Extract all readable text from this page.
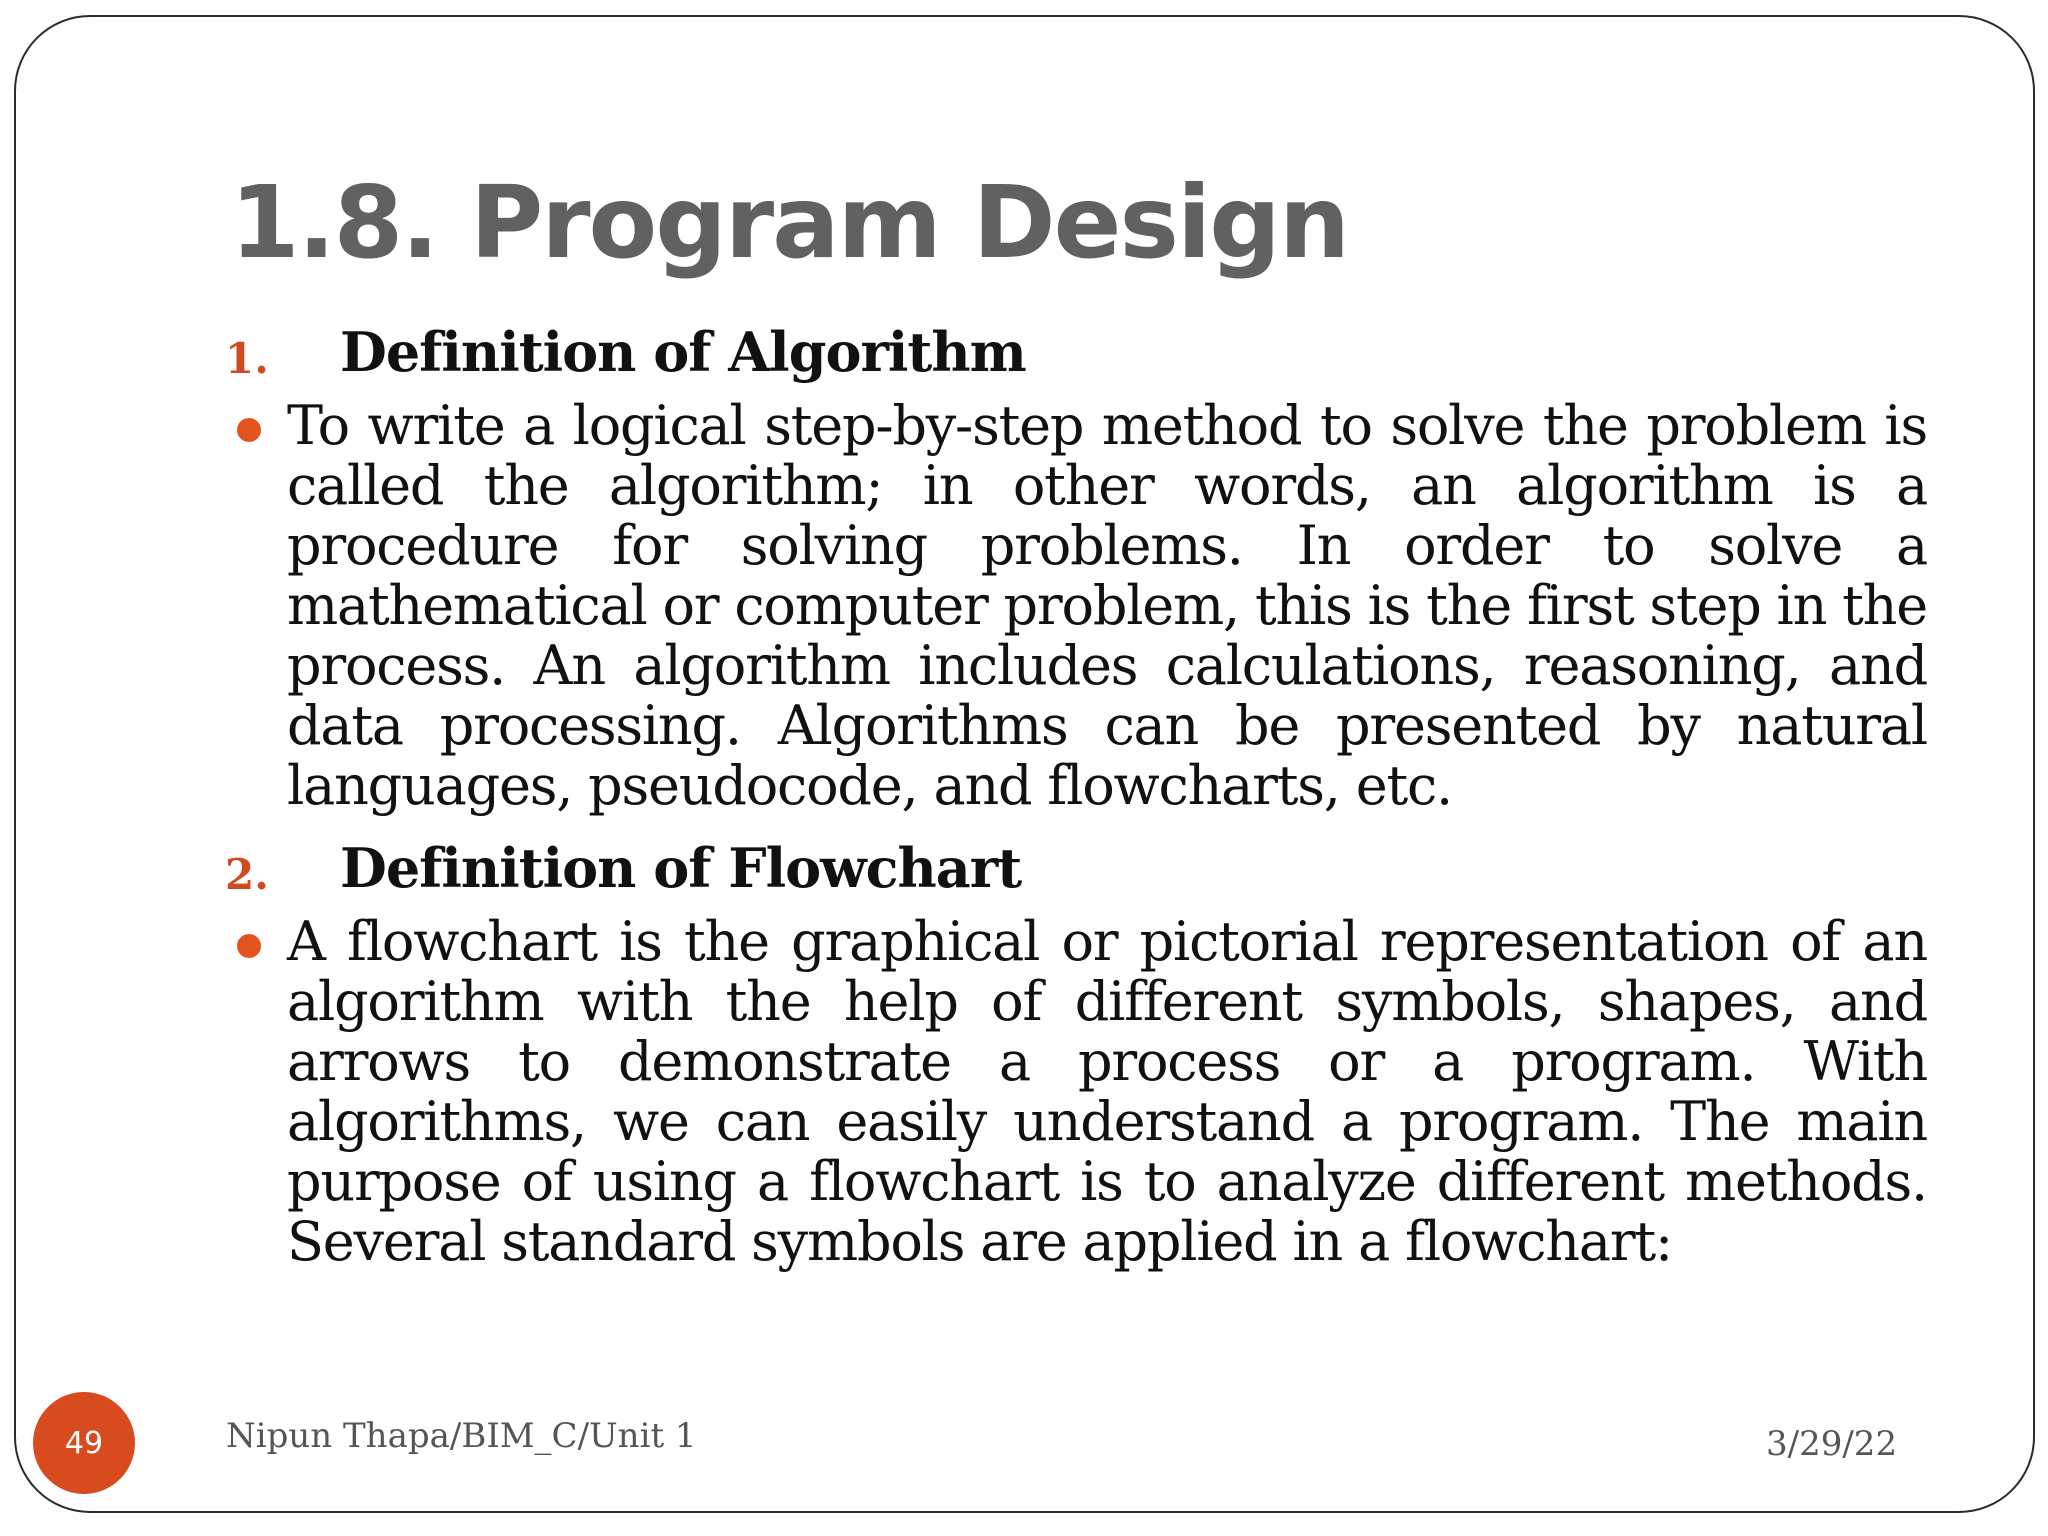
1.8. Program Design
1. Definition of Algorithm

To write a logical step-by-step method to solve the problem is called the algorithm; in other words, an algorithm is a procedure for solving problems. In order to solve a mathematical or computer problem, this is the first step in the process. An algorithm includes calculations, reasoning, and data processing. Algorithms can be presented by natural languages, pseudocode, and flowcharts, etc.

2. Definition of Flowchart

A flowchart is the graphical or pictorial representation of an algorithm with the help of different symbols, shapes, and arrows to demonstrate a process or a program. With algorithms, we can easily understand a program. The main purpose of using a flowchart is to analyze different methods. Several standard symbols are applied in a flowchart:

49	Nipun Thapa/BIM_C/Unit 1	3/29/22
